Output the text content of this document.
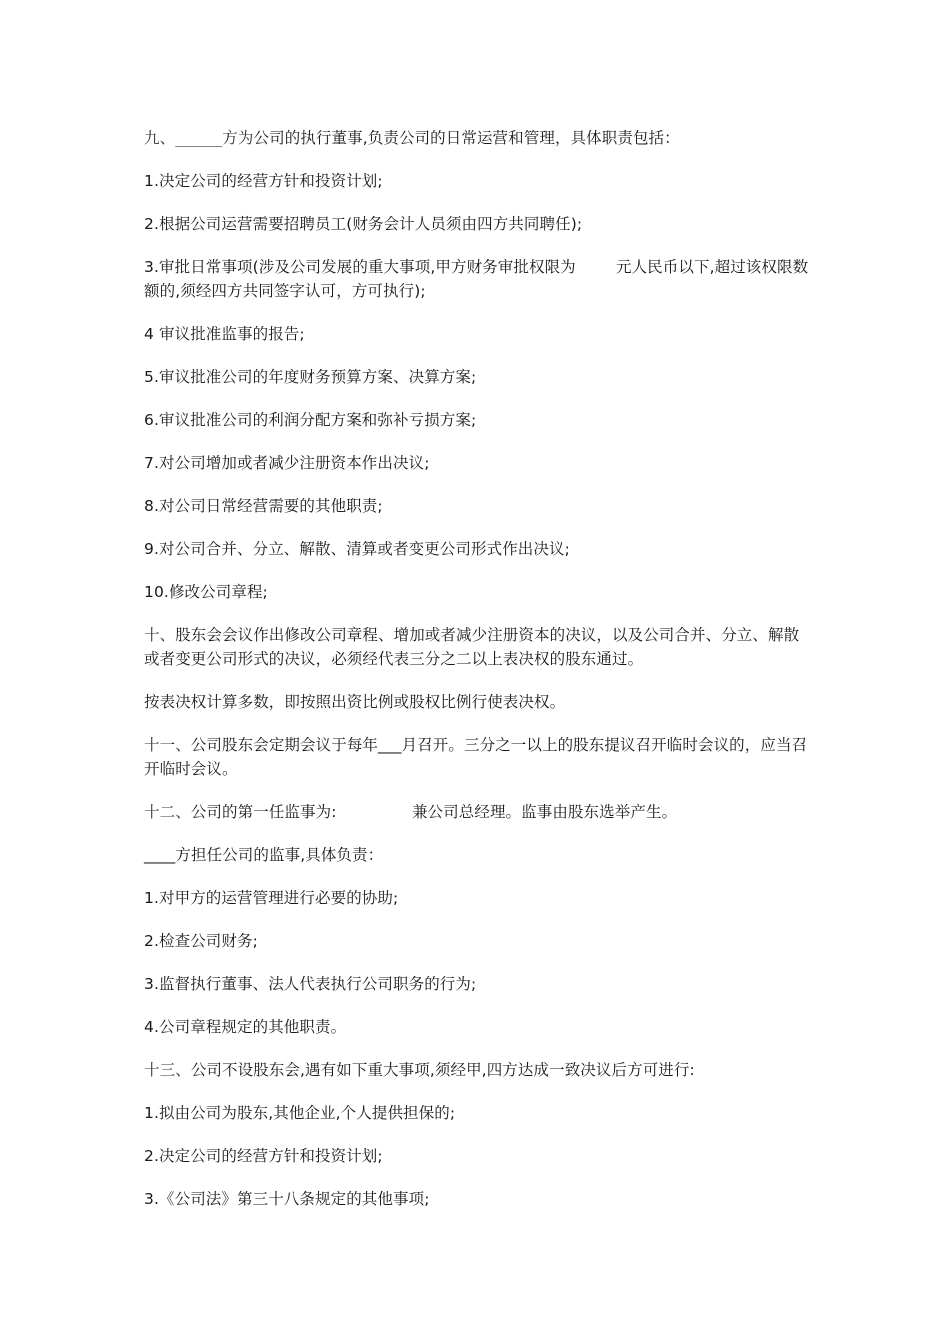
九、______方为公司的执行董事,负责公司的日常运营和管理，具体职责包括：

1.决定公司的经营方针和投资计划;

2.根据公司运营需要招聘员工(财务会计人员须由四方共同聘任);

3.审批日常事项(涉及公司发展的重大事项,甲方财务审批权限为        元人民币以下,超过该权限数额的,须经四方共同签字认可，方可执行);

4 审议批准监事的报告;

5.审议批准公司的年度财务预算方案、决算方案;

6.审议批准公司的利润分配方案和弥补亏损方案;

7.对公司增加或者减少注册资本作出决议;

8.对公司日常经营需要的其他职责;

9.对公司合并、分立、解散、清算或者变更公司形式作出决议;

10.修改公司章程;

十、股东会会议作出修改公司章程、增加或者减少注册资本的决议，以及公司合并、分立、解散或者变更公司形式的决议，必须经代表三分之二以上表决权的股东通过。

按表决权计算多数，即按照出资比例或股权比例行使表决权。

十一、公司股东会定期会议于每年___月召开。三分之一以上的股东提议召开临时会议的，应当召开临时会议。

十二、公司的第一任监事为:               兼公司总经理。监事由股东选举产生。

____方担任公司的监事,具体负责：

1.对甲方的运营管理进行必要的协助;

2.检查公司财务;

3.监督执行董事、法人代表执行公司职务的行为;

4.公司章程规定的其他职责。

十三、公司不设股东会,遇有如下重大事项,须经甲,四方达成一致决议后方可进行:

1.拟由公司为股东,其他企业,个人提供担保的;

2.决定公司的经营方针和投资计划;

3.《公司法》第三十八条规定的其他事项;
